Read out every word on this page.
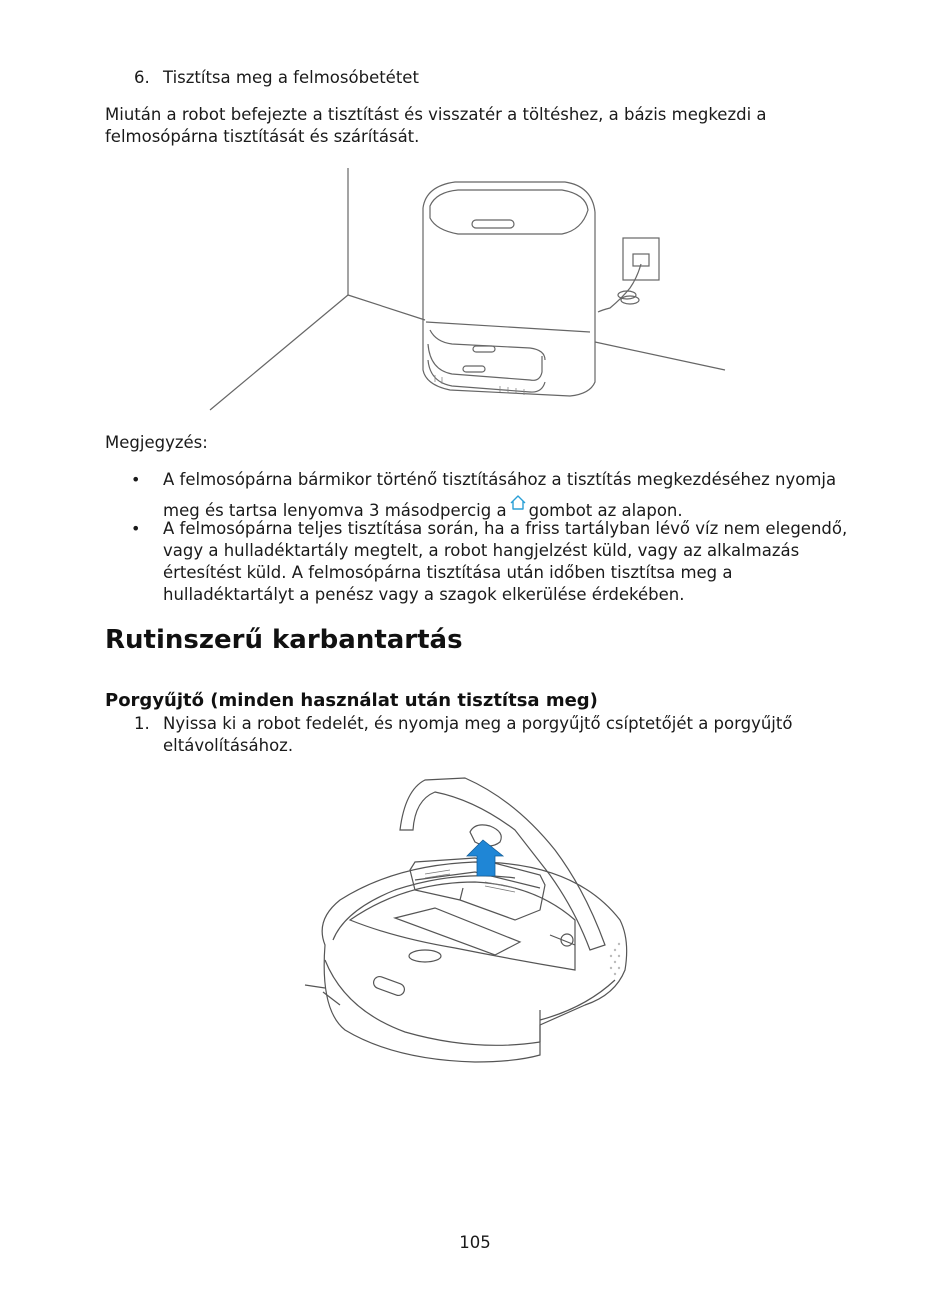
6. Tisztítsa meg a felmosóbetétet
Miután a robot befejezte a tisztítást és visszatér a töltéshez, a bázis megkezdi a
felmosópárna tisztítását és szárítását.
Megjegyzés:
• A felmosópárna bármikor történő tisztításához a tisztítás megkezdéséhez nyomja
meg és tartsa lenyomva 3 másodpercig a gombot az alapon.
• A felmosópárna teljes tisztítása során, ha a friss tartályban lévő víz nem elegendő,
vagy a hulladéktartály megtelt, a robot hangjelzést küld, vagy az alkalmazás
értesítést küld. A felmosópárna tisztítása után időben tisztítsa meg a
hulladéktartályt a penész vagy a szagok elkerülése érdekében.
Rutinszerű karbantartás
Porgyűjtő (minden használat után tisztítsa meg)
1. Nyissa ki a robot fedelét, és nyomja meg a porgyűjtő csíptetőjét a porgyűjtő
eltávolításához.
105
